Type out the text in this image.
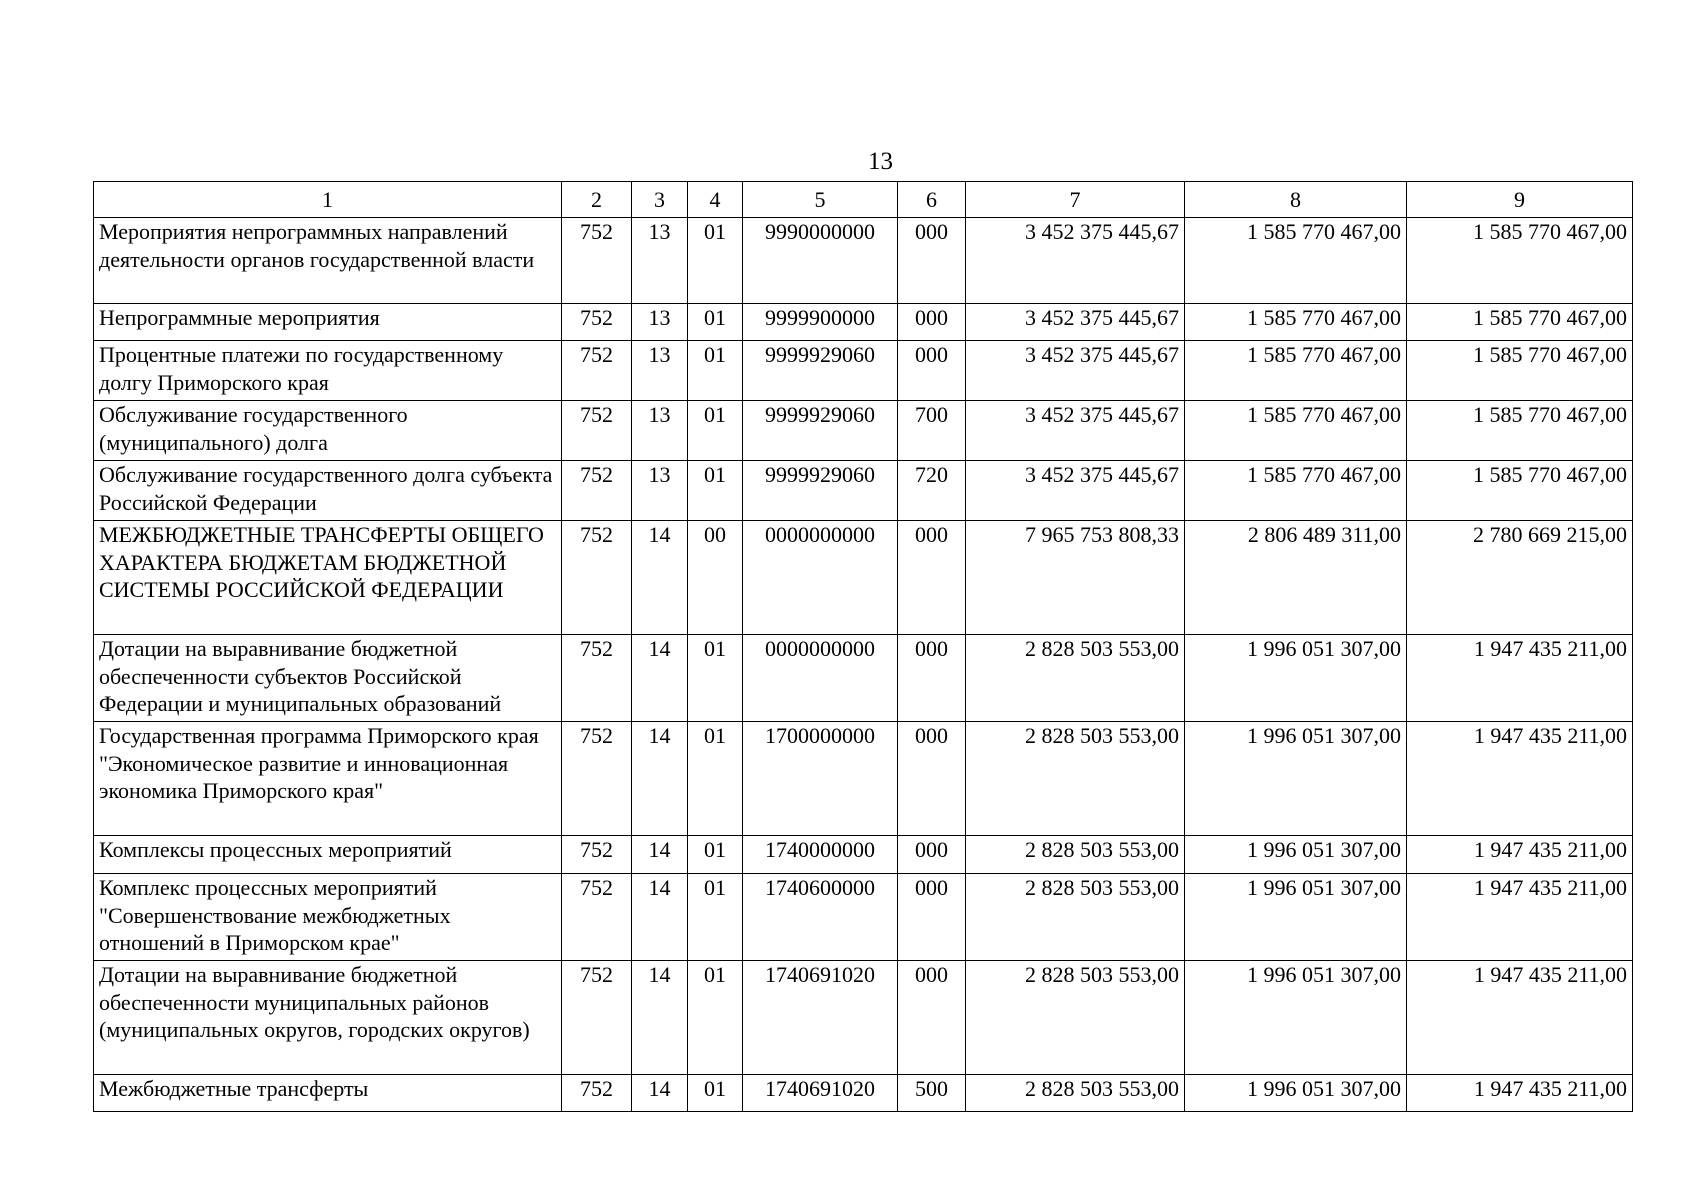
13
1	2	3	4	5	6	7	8	9
Мероприятия непрограммных направлений деятельности органов государственной власти	752	13	01	9990000000	000	3 452 375 445,67	1 585 770 467,00	1 585 770 467,00
Непрограммные мероприятия	752	13	01	9999900000	000	3 452 375 445,67	1 585 770 467,00	1 585 770 467,00
Процентные платежи по государственному долгу Приморского края	752	13	01	9999929060	000	3 452 375 445,67	1 585 770 467,00	1 585 770 467,00
Обслуживание государственного (муниципального) долга	752	13	01	9999929060	700	3 452 375 445,67	1 585 770 467,00	1 585 770 467,00
Обслуживание государственного долга субъекта Российской Федерации	752	13	01	9999929060	720	3 452 375 445,67	1 585 770 467,00	1 585 770 467,00
МЕЖБЮДЖЕТНЫЕ ТРАНСФЕРТЫ ОБЩЕГО ХАРАКТЕРА БЮДЖЕТАМ БЮДЖЕТНОЙ СИСТЕМЫ РОССИЙСКОЙ ФЕДЕРАЦИИ	752	14	00	0000000000	000	7 965 753 808,33	2 806 489 311,00	2 780 669 215,00
Дотации на выравнивание бюджетной обеспеченности субъектов Российской Федерации и муниципальных образований	752	14	01	0000000000	000	2 828 503 553,00	1 996 051 307,00	1 947 435 211,00
Государственная программа Приморского края "Экономическое развитие и инновационная экономика Приморского края"	752	14	01	1700000000	000	2 828 503 553,00	1 996 051 307,00	1 947 435 211,00
Комплексы процессных мероприятий	752	14	01	1740000000	000	2 828 503 553,00	1 996 051 307,00	1 947 435 211,00
Комплекс процессных мероприятий "Совершенствование межбюджетных отношений в Приморском крае"	752	14	01	1740600000	000	2 828 503 553,00	1 996 051 307,00	1 947 435 211,00
Дотации на выравнивание бюджетной обеспеченности муниципальных районов (муниципальных округов, городских округов)	752	14	01	1740691020	000	2 828 503 553,00	1 996 051 307,00	1 947 435 211,00
Межбюджетные трансферты	752	14	01	1740691020	500	2 828 503 553,00	1 996 051 307,00	1 947 435 211,00
